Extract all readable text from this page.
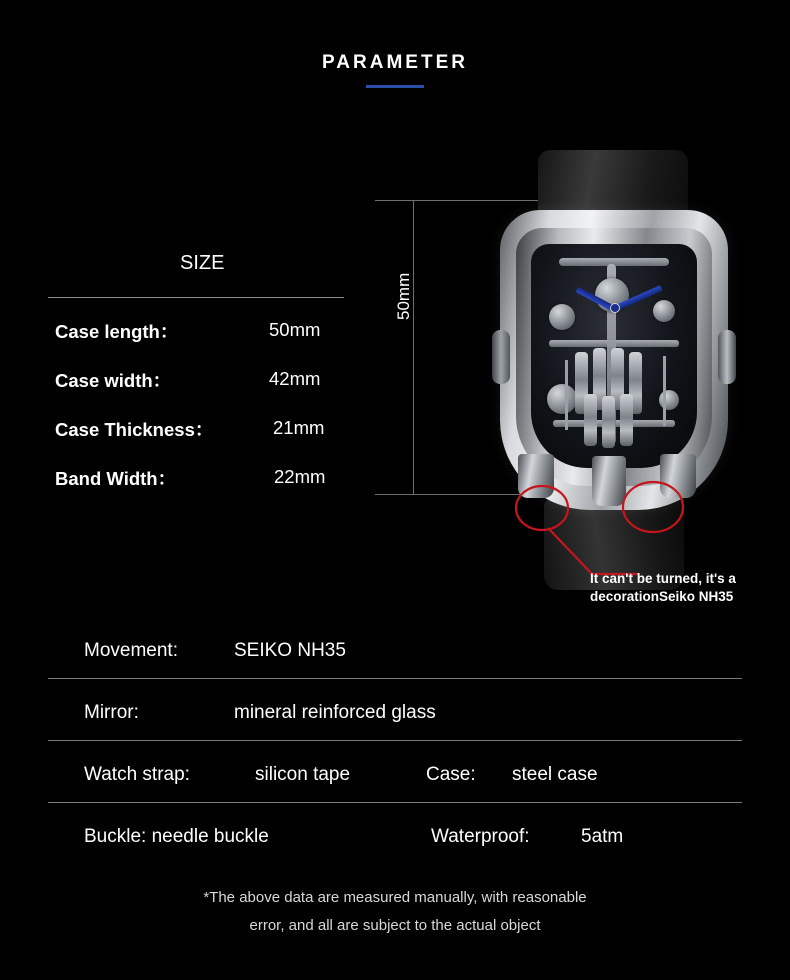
PARAMETER
SIZE
Case length：	50mm
Case width：	42mm
Case Thickness：	21mm
Band Width：	22mm
50mm
It can't be turned, it's a decorationSeiko NH35
Movement:	SEIKO NH35
Mirror:	mineral reinforced glass
Watch strap:	silicon tape	Case: steel case
Buckle: needle buckle	Waterproof:	5atm
*The above data are measured manually, with reasonable
error, and all are subject to the actual object
